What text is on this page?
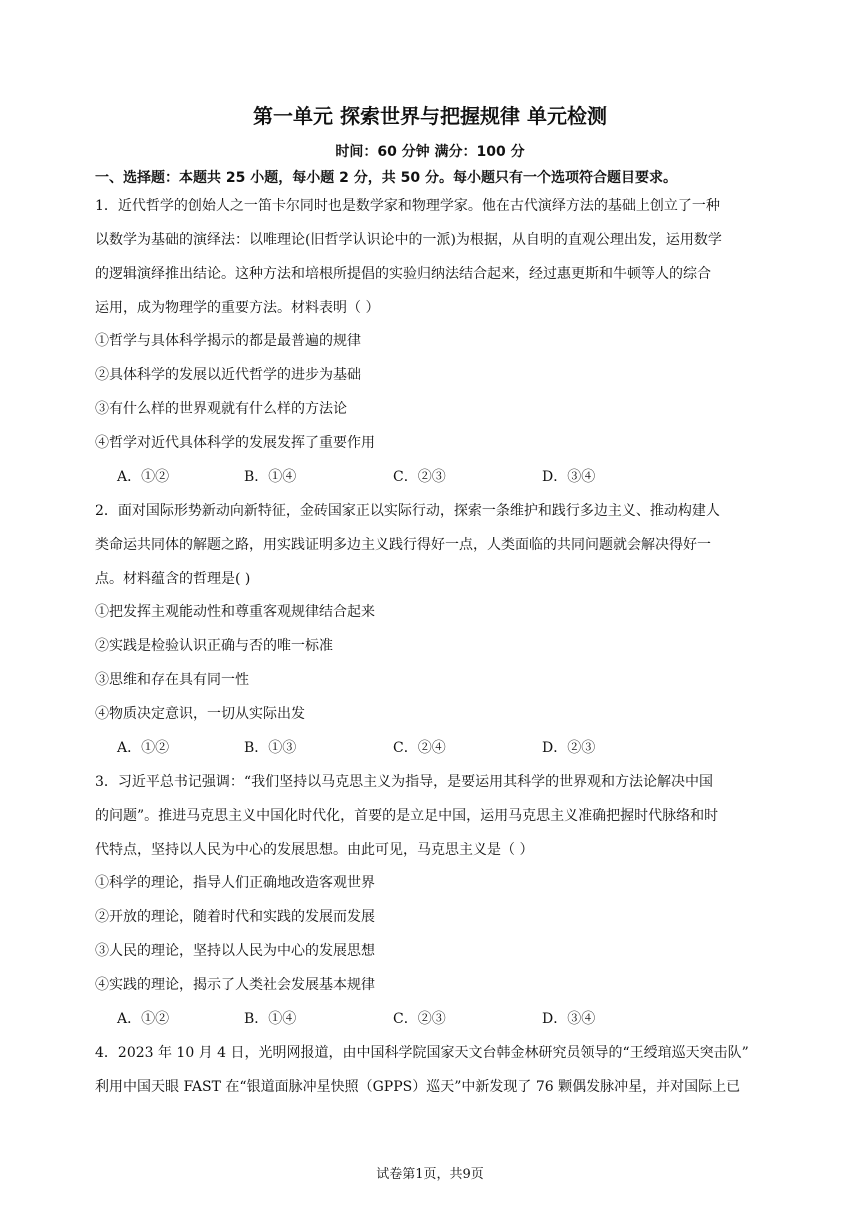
第一单元 探索世界与把握规律 单元检测
时间：60 分钟 满分：100 分
一、选择题：本题共 25 小题，每小题 2 分，共 50 分。每小题只有一个选项符合题目要求。
1．近代哲学的创始人之一笛卡尔同时也是数学家和物理学家。他在古代演绎方法的基础上创立了一种
以数学为基础的演绎法：以唯理论(旧哲学认识论中的一派)为根据，从自明的直观公理出发，运用数学
的逻辑演绎推出结论。这种方法和培根所提倡的实验归纳法结合起来，经过惠更斯和牛顿等人的综合
运用，成为物理学的重要方法。材料表明（ ）
①哲学与具体科学揭示的都是最普遍的规律
②具体科学的发展以近代哲学的进步为基础
③有什么样的世界观就有什么样的方法论
④哲学对近代具体科学的发展发挥了重要作用
A．①②	B．①④	C．②③	D．③④
2．面对国际形势新动向新特征，金砖国家正以实际行动，探索一条维护和践行多边主义、推动构建人
类命运共同体的解题之路，用实践证明多边主义践行得好一点，人类面临的共同问题就会解决得好一
点。材料蕴含的哲理是( )
①把发挥主观能动性和尊重客观规律结合起来
②实践是检验认识正确与否的唯一标准
③思维和存在具有同一性
④物质决定意识，一切从实际出发
A．①②	B．①③	C．②④	D．②③
3．习近平总书记强调：“我们坚持以马克思主义为指导，是要运用其科学的世界观和方法论解决中国
的问题”。推进马克思主义中国化时代化，首要的是立足中国，运用马克思主义准确把握时代脉络和时
代特点，坚持以人民为中心的发展思想。由此可见，马克思主义是（ ）
①科学的理论，指导人们正确地改造客观世界
②开放的理论，随着时代和实践的发展而发展
③人民的理论，坚持以人民为中心的发展思想
④实践的理论，揭示了人类社会发展基本规律
A．①②	B．①④	C．②③	D．③④
4．2023 年 10 月 4 日，光明网报道，由中国科学院国家天文台韩金林研究员领导的“王绶琯巡天突击队”
利用中国天眼 FAST 在“银道面脉冲星快照（GPPS）巡天”中新发现了 76 颗偶发脉冲星，并对国际上已
试卷第1页，共9页
